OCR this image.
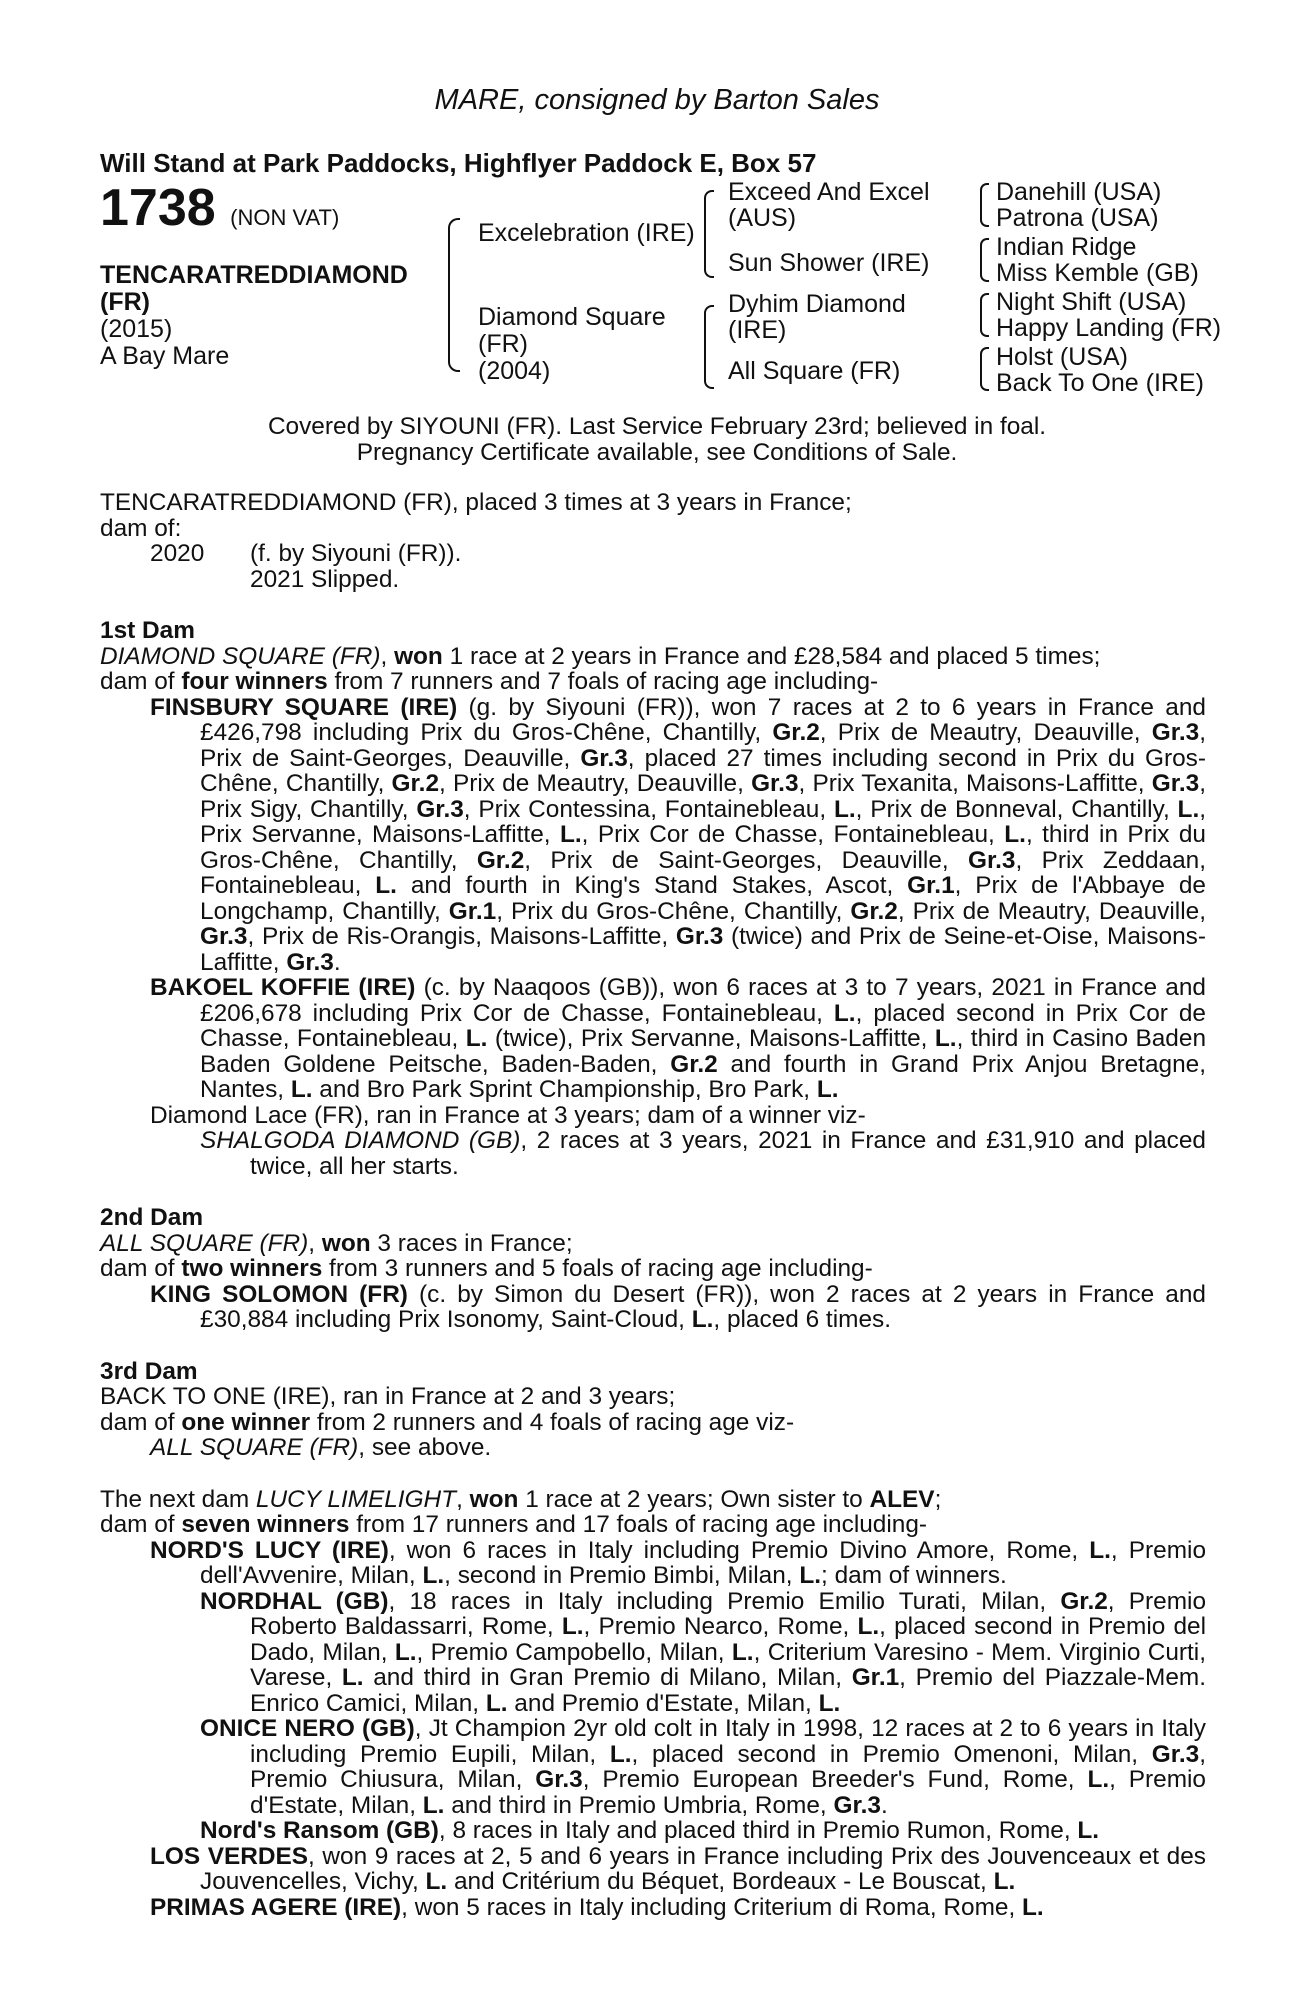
MARE, consigned by Barton Sales
Will Stand at Park Paddocks, Highflyer Paddock E, Box 57
1738 (NON VAT)
TENCARATREDDIAMOND
(FR)
(2015)
A Bay Mare
Excelebration (IRE)
Diamond Square
(FR)
(2004)
Exceed And Excel
(AUS)
Sun Shower (IRE)
Dyhim Diamond
(IRE)
All Square (FR)
Danehill (USA)
Patrona (USA)
Indian Ridge
Miss Kemble (GB)
Night Shift (USA)
Happy Landing (FR)
Holst (USA)
Back To One (IRE)
Covered by SIYOUNI (FR). Last Service February 23rd; believed in foal.
Pregnancy Certificate available, see Conditions of Sale.
TENCARATREDDIAMOND (FR), placed 3 times at 3 years in France;
dam of:
2020 (f. by Siyouni (FR)).
2021 Slipped.
1st Dam
DIAMOND SQUARE (FR), won 1 race at 2 years in France and £28,584 and placed 5 times;
dam of four winners from 7 runners and 7 foals of racing age including-
FINSBURY SQUARE (IRE) (g. by Siyouni (FR)), won 7 races at 2 to 6 years in France and £426,798 including Prix du Gros-Chêne, Chantilly, Gr.2, Prix de Meautry, Deauville, Gr.3, Prix de Saint-Georges, Deauville, Gr.3, placed 27 times including second in Prix du Gros-Chêne, Chantilly, Gr.2, Prix de Meautry, Deauville, Gr.3, Prix Texanita, Maisons-Laffitte, Gr.3, Prix Sigy, Chantilly, Gr.3, Prix Contessina, Fontainebleau, L., Prix de Bonneval, Chantilly, L., Prix Servanne, Maisons-Laffitte, L., Prix Cor de Chasse, Fontainebleau, L., third in Prix du Gros-Chêne, Chantilly, Gr.2, Prix de Saint-Georges, Deauville, Gr.3, Prix Zeddaan, Fontainebleau, L. and fourth in King's Stand Stakes, Ascot, Gr.1, Prix de l'Abbaye de Longchamp, Chantilly, Gr.1, Prix du Gros-Chêne, Chantilly, Gr.2, Prix de Meautry, Deauville, Gr.3, Prix de Ris-Orangis, Maisons-Laffitte, Gr.3 (twice) and Prix de Seine-et-Oise, Maisons-Laffitte, Gr.3.
BAKOEL KOFFIE (IRE) (c. by Naaqoos (GB)), won 6 races at 3 to 7 years, 2021 in France and £206,678 including Prix Cor de Chasse, Fontainebleau, L., placed second in Prix Cor de Chasse, Fontainebleau, L. (twice), Prix Servanne, Maisons-Laffitte, L., third in Casino Baden Baden Goldene Peitsche, Baden-Baden, Gr.2 and fourth in Grand Prix Anjou Bretagne, Nantes, L. and Bro Park Sprint Championship, Bro Park, L.
Diamond Lace (FR), ran in France at 3 years; dam of a winner viz-
SHALGODA DIAMOND (GB), 2 races at 3 years, 2021 in France and £31,910 and placed twice, all her starts.
2nd Dam
ALL SQUARE (FR), won 3 races in France;
dam of two winners from 3 runners and 5 foals of racing age including-
KING SOLOMON (FR) (c. by Simon du Desert (FR)), won 2 races at 2 years in France and £30,884 including Prix Isonomy, Saint-Cloud, L., placed 6 times.
3rd Dam
BACK TO ONE (IRE), ran in France at 2 and 3 years;
dam of one winner from 2 runners and 4 foals of racing age viz-
ALL SQUARE (FR), see above.
The next dam LUCY LIMELIGHT, won 1 race at 2 years; Own sister to ALEV;
dam of seven winners from 17 runners and 17 foals of racing age including-
NORD'S LUCY (IRE), won 6 races in Italy including Premio Divino Amore, Rome, L., Premio dell'Avvenire, Milan, L., second in Premio Bimbi, Milan, L.; dam of winners.
NORDHAL (GB), 18 races in Italy including Premio Emilio Turati, Milan, Gr.2, Premio Roberto Baldassarri, Rome, L., Premio Nearco, Rome, L., placed second in Premio del Dado, Milan, L., Premio Campobello, Milan, L., Criterium Varesino - Mem. Virginio Curti, Varese, L. and third in Gran Premio di Milano, Milan, Gr.1, Premio del Piazzale-Mem. Enrico Camici, Milan, L. and Premio d'Estate, Milan, L.
ONICE NERO (GB), Jt Champion 2yr old colt in Italy in 1998, 12 races at 2 to 6 years in Italy including Premio Eupili, Milan, L., placed second in Premio Omenoni, Milan, Gr.3, Premio Chiusura, Milan, Gr.3, Premio European Breeder's Fund, Rome, L., Premio d'Estate, Milan, L. and third in Premio Umbria, Rome, Gr.3.
Nord's Ransom (GB), 8 races in Italy and placed third in Premio Rumon, Rome, L.
LOS VERDES, won 9 races at 2, 5 and 6 years in France including Prix des Jouvenceaux et des Jouvencelles, Vichy, L. and Critérium du Béquet, Bordeaux - Le Bouscat, L.
PRIMAS AGERE (IRE), won 5 races in Italy including Criterium di Roma, Rome, L.
